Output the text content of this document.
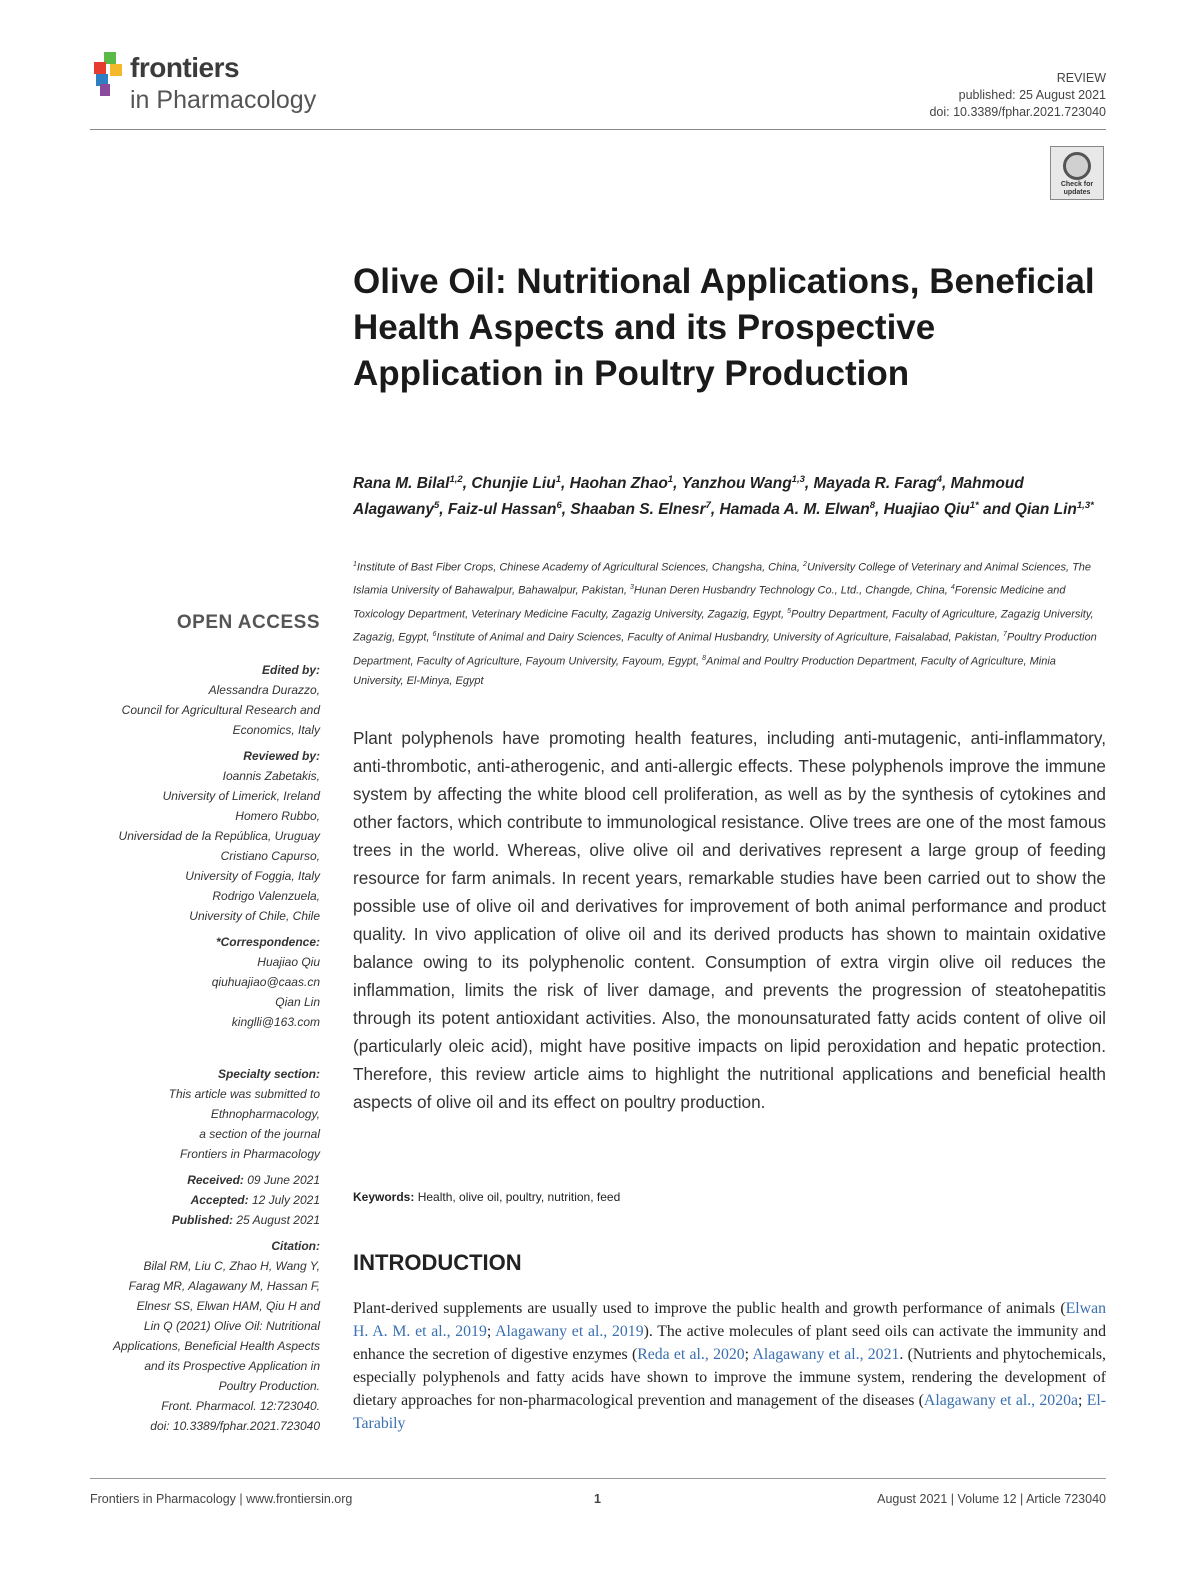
frontiers
in Pharmacology
REVIEW
published: 25 August 2021
doi: 10.3389/fphar.2021.723040
Check for updates
Olive Oil: Nutritional Applications, Beneficial Health Aspects and its Prospective Application in Poultry Production
Rana M. Bilal$^{1,2}$, Chunjie Liu$^1$, Haohan Zhao$^1$, Yanzhou Wang$^{1,3}$, Mayada R. Farag$^4$, Mahmoud Alagawany$^5$, Faiz-ul Hassan$^6$, Shaaban S. Elnesr$^7$, Hamada A. M. Elwan$^8$, Huajiao Qiu$^{1*}$ and Qian Lin$^{1,3*}$
$^1$Institute of Bast Fiber Crops, Chinese Academy of Agricultural Sciences, Changsha, China, $^2$University College of Veterinary and Animal Sciences, The Islamia University of Bahawalpur, Bahawalpur, Pakistan, $^3$Hunan Deren Husbandry Technology Co., Ltd., Changde, China, $^4$Forensic Medicine and Toxicology Department, Veterinary Medicine Faculty, Zagazig University, Zagazig, Egypt, $^5$Poultry Department, Faculty of Agriculture, Zagazig University, Zagazig, Egypt, $^6$Institute of Animal and Dairy Sciences, Faculty of Animal Husbandry, University of Agriculture, Faisalabad, Pakistan, $^7$Poultry Production Department, Faculty of Agriculture, Fayoum University, Fayoum, Egypt, $^8$Animal and Poultry Production Department, Faculty of Agriculture, Minia University, El-Minya, Egypt
OPEN ACCESS
Edited by:
Alessandra Durazzo,
Council for Agricultural Research and
Economics, Italy
Reviewed by:
Ioannis Zabetakis,
University of Limerick, Ireland
Homero Rubbo,
Universidad de la República, Uruguay
Cristiano Capurso,
University of Foggia, Italy
Rodrigo Valenzuela,
University of Chile, Chile
*Correspondence:
Huajiao Qiu
qiuhuajiao@caas.cn
Qian Lin
kinglli@163.com
Specialty section:
This article was submitted to
Ethnopharmacology,
a section of the journal
Frontiers in Pharmacology
Received: 09 June 2021
Accepted: 12 July 2021
Published: 25 August 2021
Citation:
Bilal RM, Liu C, Zhao H, Wang Y,
Farag MR, Alagawany M, Hassan F,
Elnesr SS, Elwan HAM, Qiu H and
Lin Q (2021) Olive Oil: Nutritional
Applications, Beneficial Health Aspects
and its Prospective Application in
Poultry Production.
Front. Pharmacol. 12:723040.
doi: 10.3389/fphar.2021.723040

Plant polyphenols have promoting health features, including anti-mutagenic, anti-inflammatory, anti-thrombotic, anti-atherogenic, and anti-allergic effects. These polyphenols improve the immune system by affecting the white blood cell proliferation, as well as by the synthesis of cytokines and other factors, which contribute to immunological resistance. Olive trees are one of the most famous trees in the world. Whereas, olive olive oil and derivatives represent a large group of feeding resource for farm animals. In recent years, remarkable studies have been carried out to show the possible use of olive oil and derivatives for improvement of both animal performance and product quality. In vivo application of olive oil and its derived products has shown to maintain oxidative balance owing to its polyphenolic content. Consumption of extra virgin olive oil reduces the inflammation, limits the risk of liver damage, and prevents the progression of steatohepatitis through its potent antioxidant activities. Also, the monounsaturated fatty acids content of olive oil (particularly oleic acid), might have positive impacts on lipid peroxidation and hepatic protection. Therefore, this review article aims to highlight the nutritional applications and beneficial health aspects of olive oil and its effect on poultry production.

Keywords: Health, olive oil, poultry, nutrition, feed
INTRODUCTION

Plant-derived supplements are usually used to improve the public health and growth performance of animals (Elwan H. A. M. et al., 2019; Alagawany et al., 2019). The active molecules of plant seed oils can activate the immunity and enhance the secretion of digestive enzymes (Reda et al., 2020; Alagawany et al., 2021. (Nutrients and phytochemicals, especially polyphenols and fatty acids have shown to improve the immune system, rendering the development of dietary approaches for non-pharmacological prevention and management of the diseases (Alagawany et al., 2020a; El-Tarabily

Frontiers in Pharmacology | www.frontiersin.org	1	August 2021 | Volume 12 | Article 723040
